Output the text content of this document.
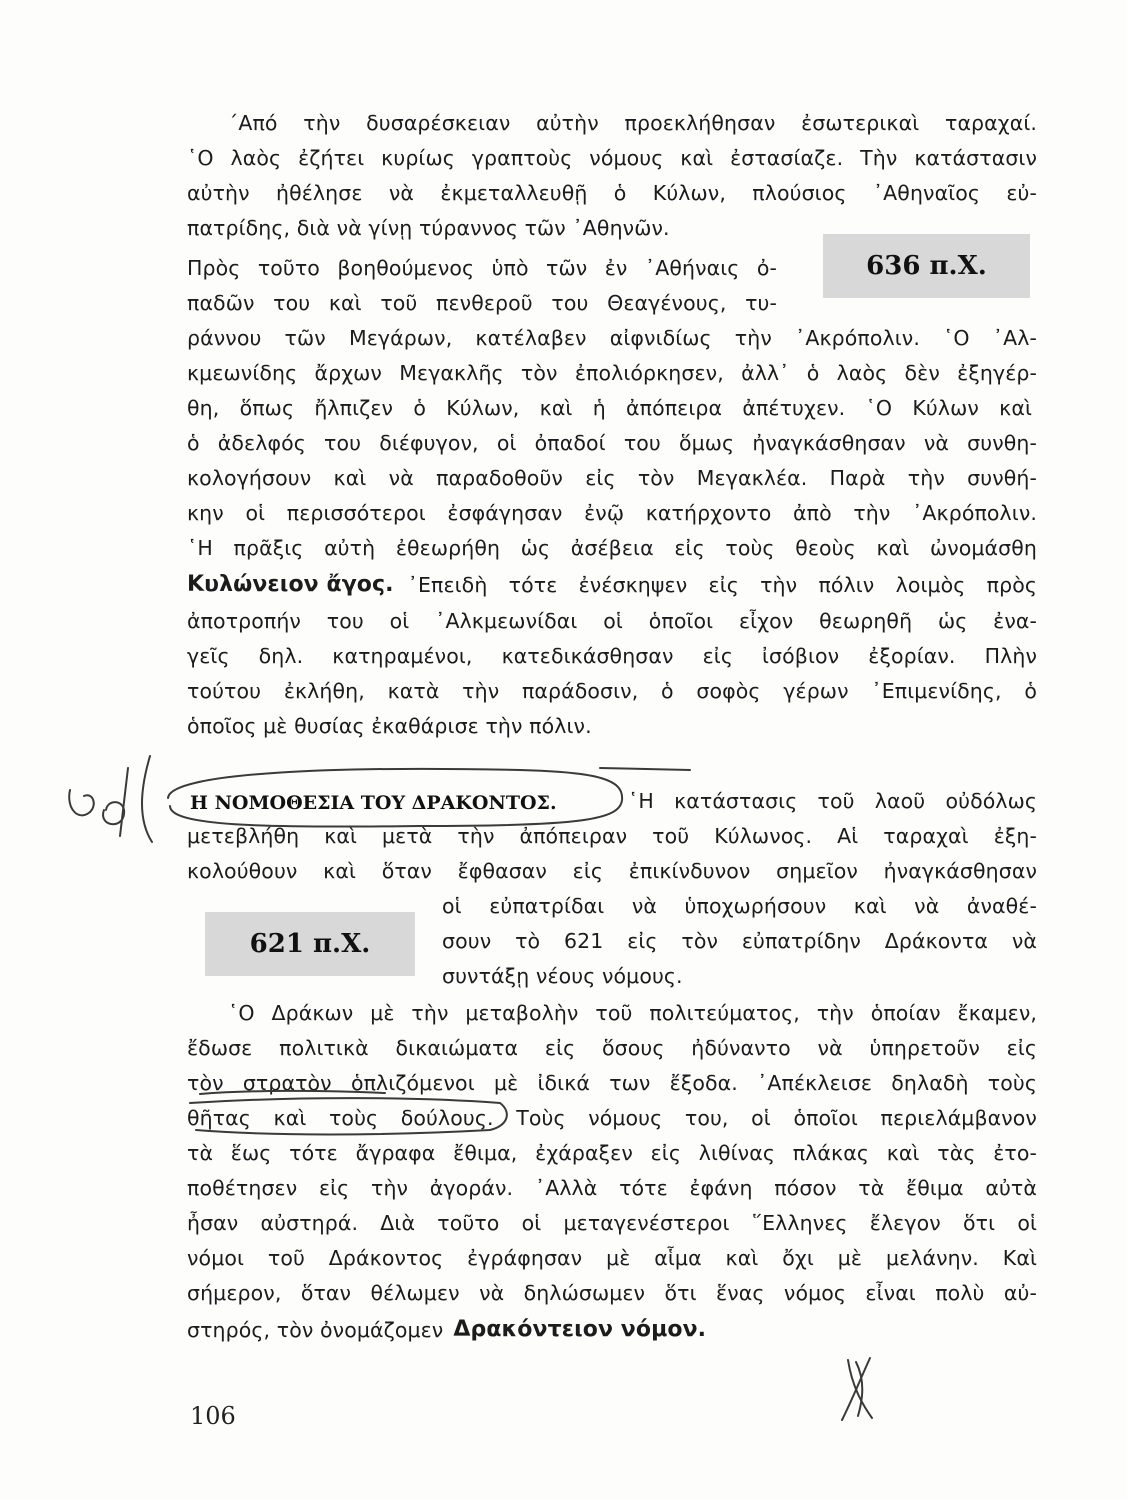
΄Από τὴν δυσαρέσκειαν αὐτὴν προεκλήθησαν ἐσωτερικαὶ ταραχαί.
῾Ο λαὸς ἐζήτει κυρίως γραπτοὺς νόμους καὶ ἐστασίαζε. Τὴν κατάστασιν
αὐτὴν ἠθέλησε νὰ ἐκμεταλλευθῇ ὁ Κύλων, πλούσιος ᾿Αθηναῖος εὐ-
πατρίδης, διὰ νὰ γίνῃ τύραννος τῶν ᾿Αθηνῶν.
Πρὸς τοῦτο βοηθούμενος ὑπὸ τῶν ἐν ᾿Αθήναις ὀ-
παδῶν του καὶ τοῦ πενθεροῦ του Θεαγένους, τυ-
ράννου τῶν Μεγάρων, κατέλαβεν αἰφνιδίως τὴν ᾿Ακρόπολιν. ῾Ο ᾿Αλ-
κμεωνίδης ἄρχων Μεγακλῆς τὸν ἐπολιόρκησεν, ἀλλ᾿ ὁ λαὸς δὲν ἐξηγέρ-
θη, ὅπως ἤλπιζεν ὁ Κύλων, καὶ ἡ ἀπόπειρα ἀπέτυχεν. ῾Ο Κύλων καὶ
ὁ ἀδελφός του διέφυγον, οἱ ὀπαδοί του ὅμως ἠναγκάσθησαν νὰ συνθη-
κολογήσουν καὶ νὰ παραδοθοῦν εἰς τὸν Μεγακλέα. Παρὰ τὴν συνθή-
κην οἱ περισσότεροι ἐσφάγησαν ἐνῷ κατήρχοντο ἀπὸ τὴν ᾿Ακρόπολιν.
῾Η πρᾶξις αὐτὴ ἐθεωρήθη ὡς ἀσέβεια εἰς τοὺς θεοὺς καὶ ὠνομάσθη
Κυλώνειον ἄγος. ᾿Επειδὴ τότε ἐνέσκηψεν εἰς τὴν πόλιν λοιμὸς πρὸς
ἀποτροπήν του οἱ ᾿Αλκμεωνίδαι οἱ ὁποῖοι εἶχον θεωρηθῆ ὡς ἐνα-
γεῖς δηλ. κατηραμένοι, κατεδικάσθησαν εἰς ἰσόβιον ἐξορίαν. Πλὴν
τούτου ἐκλήθη, κατὰ τὴν παράδοσιν, ὁ σοφὸς γέρων ᾿Επιμενίδης, ὁ
ὁποῖος μὲ θυσίας ἐκαθάρισε τὴν πόλιν.
636 π.Χ.
Η ΝΟΜΟΘΕΣΙΑ ΤΟΥ ΔΡΑΚΟΝΤΟΣ.	῾Η κατάστασις τοῦ λαοῦ οὐδόλως
μετεβλήθη καὶ μετὰ τὴν ἀπόπειραν τοῦ Κύλωνος. Αἱ ταραχαὶ ἐξη-
κολούθουν καὶ ὅταν ἔφθασαν εἰς ἐπικίνδυνον σημεῖον ἠναγκάσθησαν
οἱ εὐπατρίδαι νὰ ὑποχωρήσουν καὶ νὰ ἀναθέ-
σουν τὸ 621 εἰς τὸν εὐπατρίδην Δράκοντα νὰ
συντάξῃ νέους νόμους.
621 π.Χ.
῾Ο Δράκων μὲ τὴν μεταβολὴν τοῦ πολιτεύματος, τὴν ὁποίαν ἔκαμεν,
ἔδωσε πολιτικὰ δικαιώματα εἰς ὅσους ἠδύναντο νὰ ὑπηρετοῦν εἰς
τὸν στρατὸν ὁπλιζόμενοι μὲ ἰδικά των ἔξοδα. ᾿Απέκλεισε δηλαδὴ τοὺς
θῆτας καὶ τοὺς δούλους. Τοὺς νόμους του, οἱ ὁποῖοι περιελάμβανον
τὰ ἕως τότε ἄγραφα ἔθιμα, ἐχάραξεν εἰς λιθίνας πλάκας καὶ τὰς ἐτο-
ποθέτησεν εἰς τὴν ἀγοράν. ᾿Αλλὰ τότε ἐφάνη πόσον τὰ ἔθιμα αὐτὰ
ἦσαν αὐστηρά. Διὰ τοῦτο οἱ μεταγενέστεροι ῞Ελληνες ἔλεγον ὅτι οἱ
νόμοι τοῦ Δράκοντος ἐγράφησαν μὲ αἷμα καὶ ὄχι μὲ μελάνην. Καὶ
σήμερον, ὅταν θέλωμεν νὰ δηλώσωμεν ὅτι ἕνας νόμος εἶναι πολὺ αὐ-
στηρός, τὸν ὀνομάζομεν Δρακόντειον νόμον.
106
